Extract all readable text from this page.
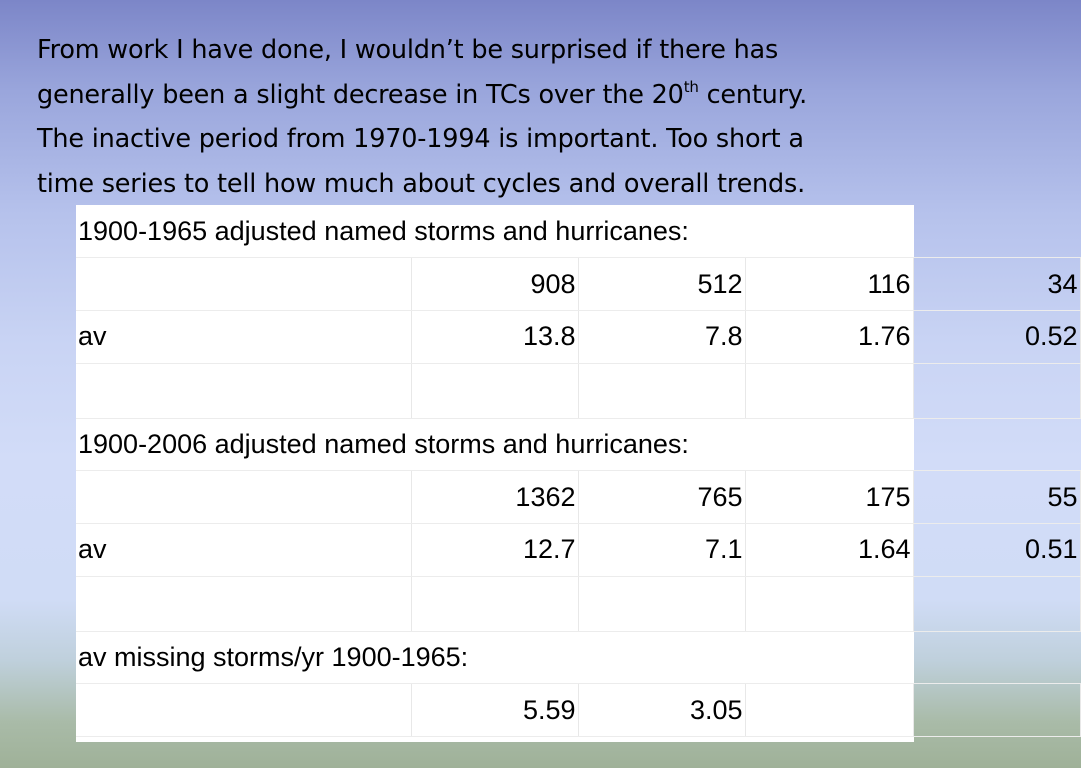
From work I have done, I wouldn’t be surprised if there has
generally been a slight decrease in TCs over the 20th century.
The inactive period from 1970-1994 is important. Too short a
time series to tell how much about cycles and overall trends.
1900-1965 adjusted named storms and hurricanes:				
	908	512	116	34
av	13.8	7.8	1.76	0.52

1900-2006 adjusted named storms and hurricanes:				
	1362	765	175	55
av	12.7	7.1	1.64	0.51

av missing storms/yr 1900-1965:				
	5.59	3.05		
